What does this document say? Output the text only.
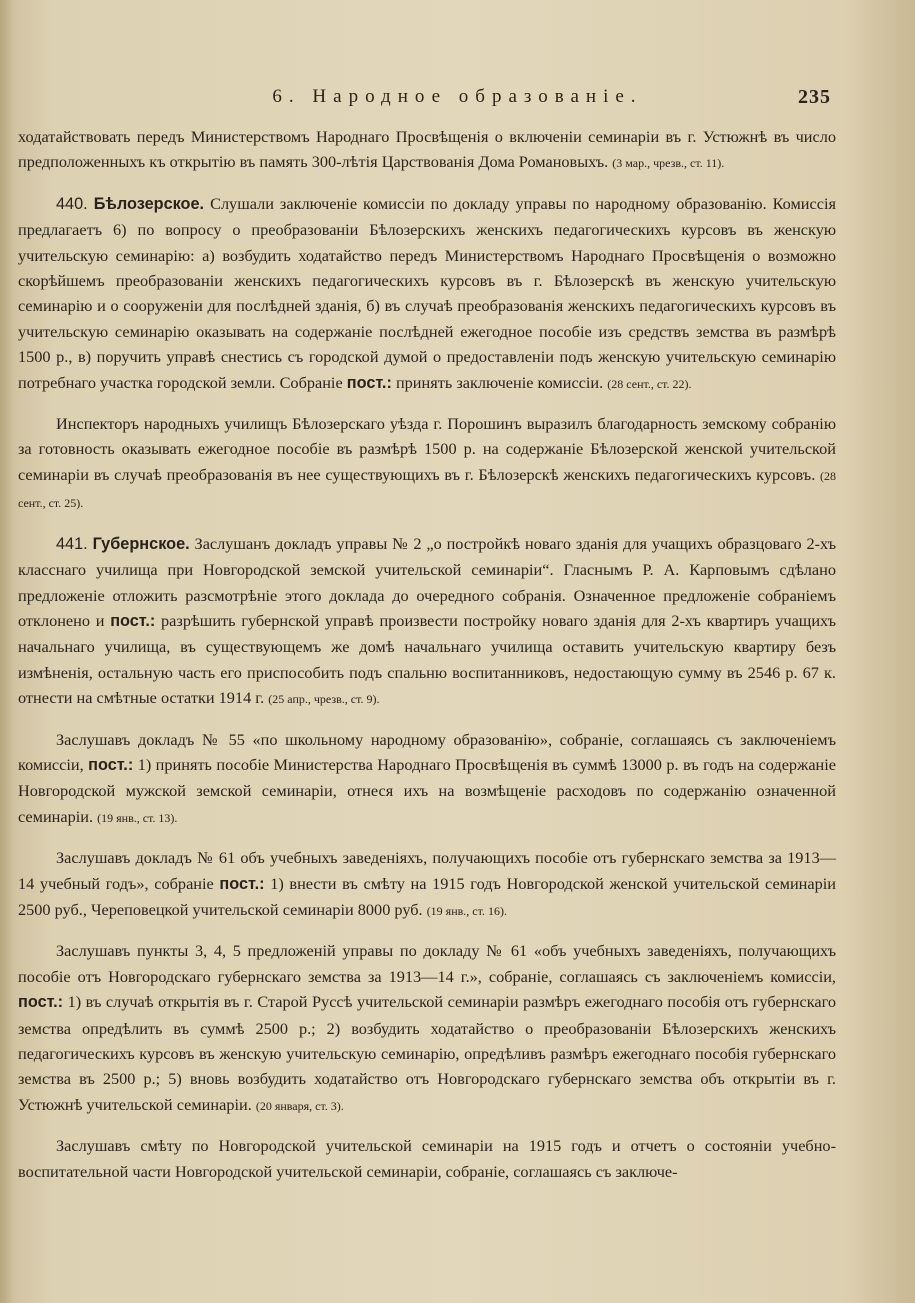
6. Народное образованіе.	235

ходатайствовать передъ Министерствомъ Народнаго Просвѣщенія о включеніи семинаріи въ г. Устюжнѣ въ число предположенныхъ къ открытію въ память 300-лѣтія Царствованія Дома Романовыхъ. (3 мар., чрезв., ст. 11).

440. Бѣлозерское. Слушали заключеніе комиссіи по докладу управы по народному образованію. Комиссія предлагаетъ 6) по вопросу о преобразованіи Бѣлозерскихъ женскихъ педагогическихъ курсовъ въ женскую учительскую семинарію: а) возбудить ходатайство передъ Министерствомъ Народнаго Просвѣщенія о возможно скорѣйшемъ преобразованіи женскихъ педагогическихъ курсовъ въ г. Бѣлозерскѣ въ женскую учительскую семинарію и о сооруженіи для послѣдней зданія, б) въ случаѣ преобразованія женскихъ педагогическихъ курсовъ въ учительскую семинарію оказывать на содержаніе послѣдней ежегодное пособіе изъ средствъ земства въ размѣрѣ 1500 р., в) поручить управѣ снестись съ городской думой о предоставленіи подъ женскую учительскую семинарію потребнаго участка городской земли. Собраніе пост.: принять заключеніе комиссіи. (28 сент., ст. 22).

Инспекторъ народныхъ училищъ Бѣлозерскаго уѣзда г. Порошинъ выразилъ благодарность земскому собранію за готовность оказывать ежегодное пособіе въ размѣрѣ 1500 р. на содержаніе Бѣлозерской женской учительской семинаріи въ случаѣ преобразованія въ нее существующихъ въ г. Бѣлозерскѣ женскихъ педагогическихъ курсовъ. (28 сент., ст. 25).

441. Губернское. Заслушанъ докладъ управы № 2 „о постройкѣ новаго зданія для учащихъ образцоваго 2-хъ класснаго училища при Новгородской земской учительской семинаріи“. Гласнымъ Р. А. Карповымъ сдѣлано предложеніе отложить разсмотрѣніе этого доклада до очередного собранія. Означенное предложеніе собраніемъ отклонено и пост.: разрѣшить губернской управѣ произвести постройку новаго зданія для 2-хъ квартиръ учащихъ начальнаго училища, въ существующемъ же домѣ начальнаго училища оставить учительскую квартиру безъ измѣненія, остальную часть его приспособить подъ спальню воспитанниковъ, недостающую сумму въ 2546 р. 67 к. отнести на смѣтные остатки 1914 г. (25 апр., чрезв., ст. 9).

Заслушавъ докладъ № 55 «по школьному народному образованію», собраніе, соглашаясь съ заключеніемъ комиссіи, пост.: 1) принять пособіе Министерства Народнаго Просвѣщенія въ суммѣ 13000 р. въ годъ на содержаніе Новгородской мужской земской семинаріи, отнеся ихъ на возмѣщеніе расходовъ по содержанію означенной семинаріи. (19 янв., ст. 13).

Заслушавъ докладъ № 61 объ учебныхъ заведеніяхъ, получающихъ пособіе отъ губернскаго земства за 1913—14 учебный годъ», собраніе пост.: 1) внести въ смѣту на 1915 годъ Новгородской женской учительской семинаріи 2500 руб., Череповецкой учительской семинаріи 8000 руб. (19 янв., ст. 16).

Заслушавъ пункты 3, 4, 5 предложеній управы по докладу № 61 «объ учебныхъ заведеніяхъ, получающихъ пособіе отъ Новгородскаго губернскаго земства за 1913—14 г.», собраніе, соглашаясь съ заключеніемъ комиссіи, пост.: 1) въ случаѣ открытія въ г. Старой Руссѣ учительской семинаріи размѣръ ежегоднаго пособія отъ губернскаго земства опредѣлить въ суммѣ 2500 р.; 2) возбудить ходатайство о преобразованіи Бѣлозерскихъ женскихъ педагогическихъ курсовъ въ женскую учительскую семинарію, опредѣливъ размѣръ ежегоднаго пособія губернскаго земства въ 2500 р.; 5) вновь возбудить ходатайство отъ Новгородскаго губернскаго земства объ открытіи въ г. Устюжнѣ учительской семинаріи. (20 января, ст. 3).

Заслушавъ смѣту по Новгородской учительской семинаріи на 1915 годъ и отчетъ о состояніи учебно-воспитательной части Новгородской учительской семинаріи, собраніе, соглашаясь съ заключе-
